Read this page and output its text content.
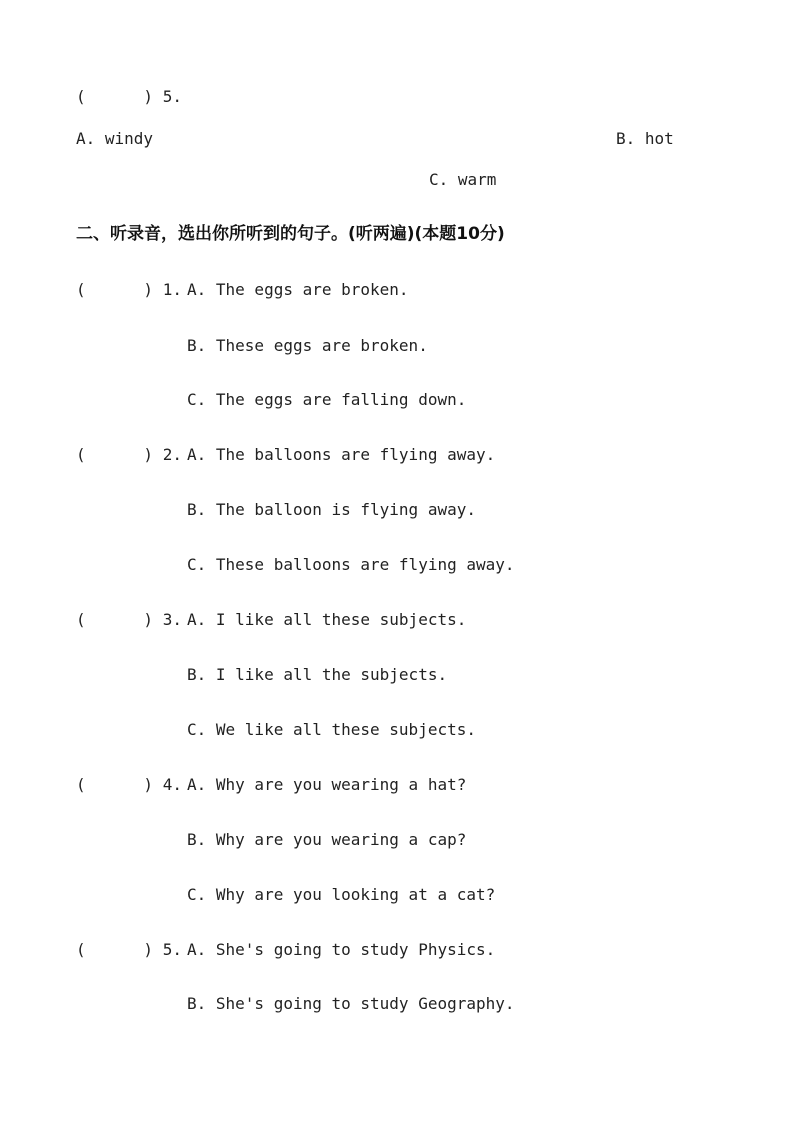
(      ) 5.
A. windy	B. hot
C. warm
二、听录音，选出你所听到的句子。(听两遍)(本题10分)
(      ) 1. A. The eggs are broken.
B. These eggs are broken.
C. The eggs are falling down.
(      ) 2. A. The balloons are flying away.
B. The balloon is flying away.
C. These balloons are flying away.
(      ) 3. A. I like all these subjects.
B. I like all the subjects.
C. We like all these subjects.
(      ) 4. A. Why are you wearing a hat?
B. Why are you wearing a cap?
C. Why are you looking at a cat?
(      ) 5. A. She's going to study Physics.
B. She's going to study Geography.
